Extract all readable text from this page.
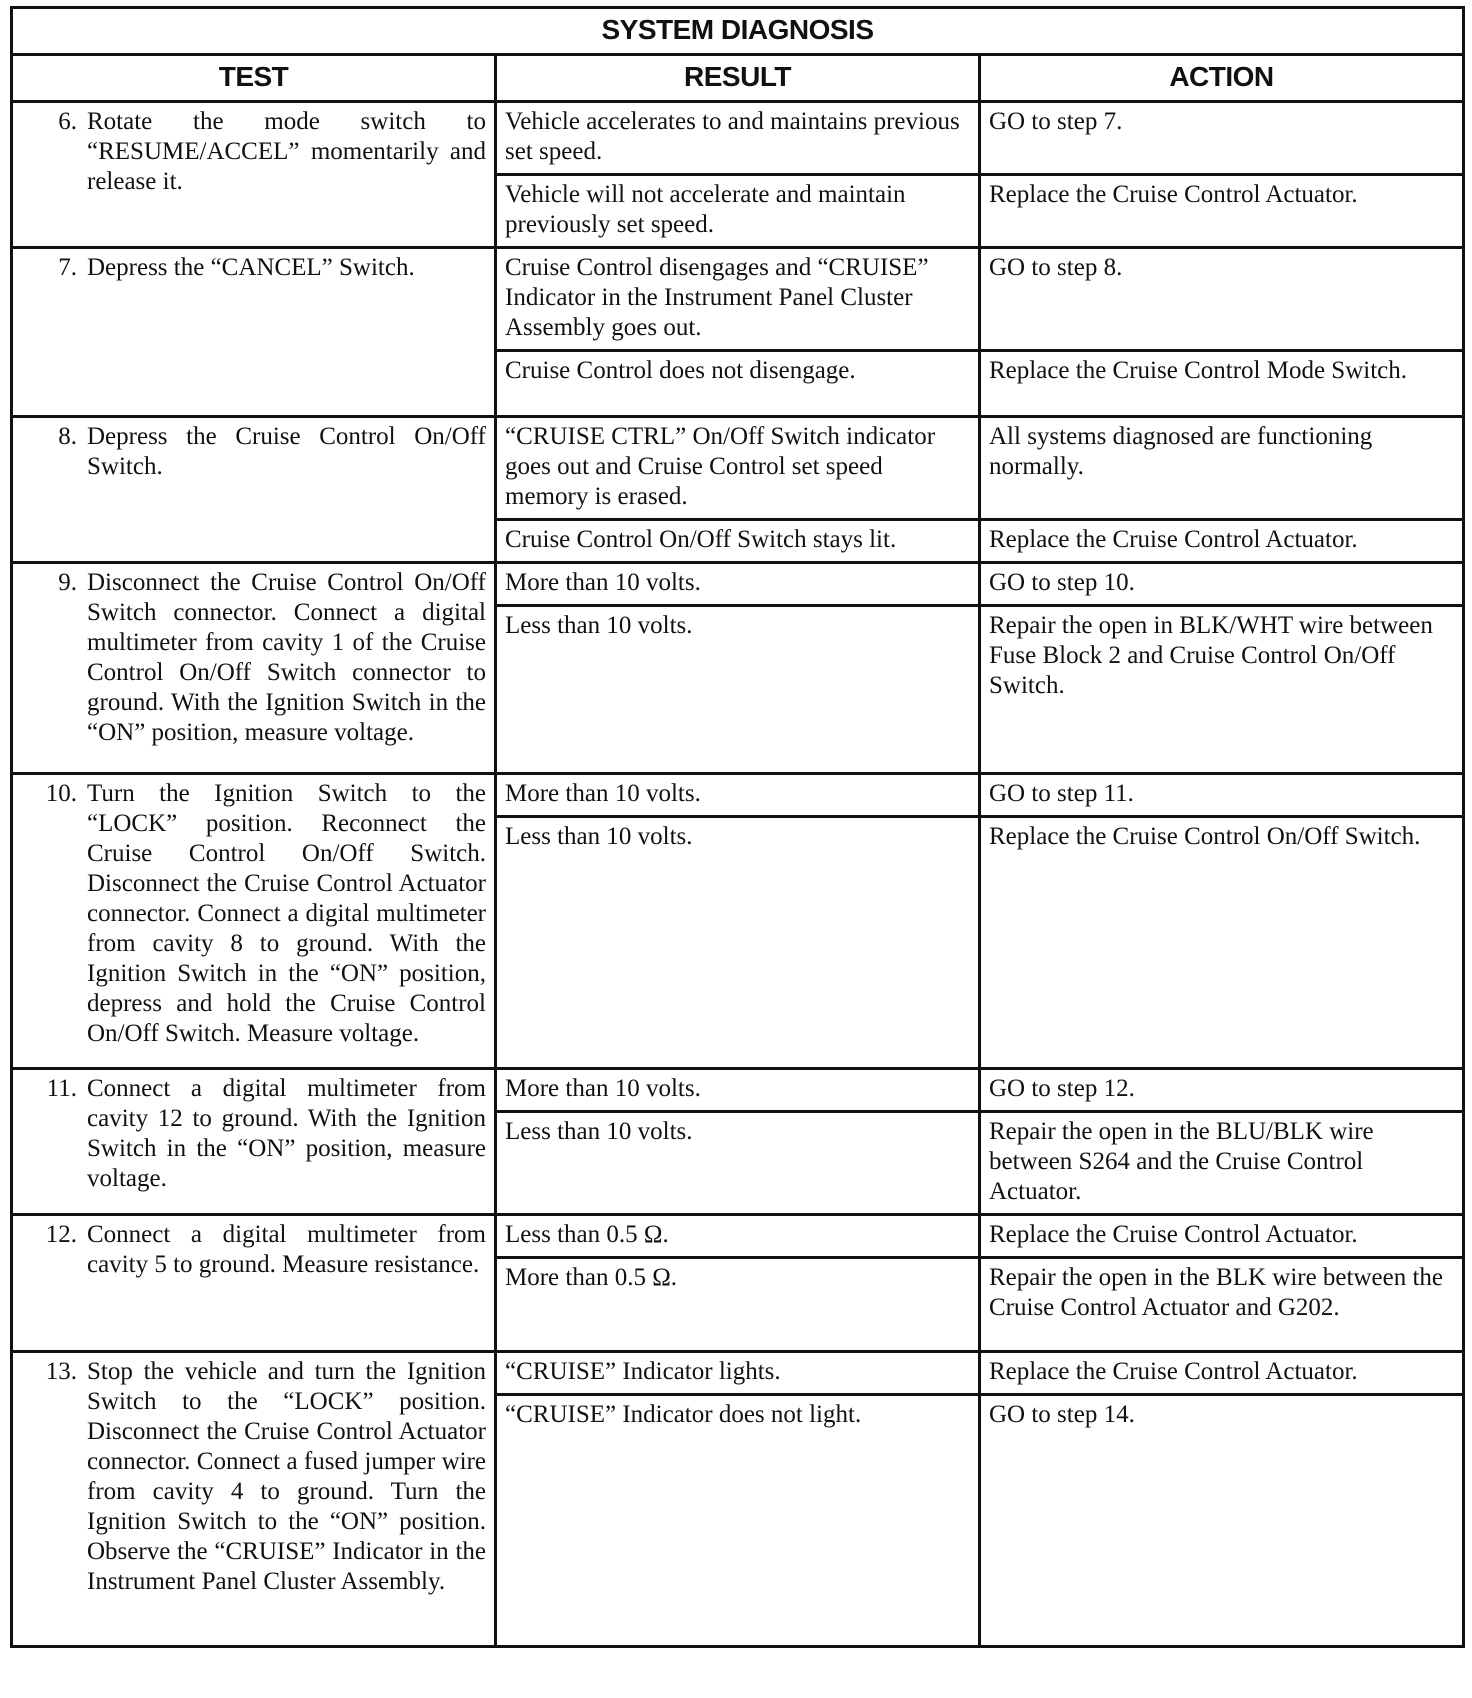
SYSTEM DIAGNOSIS		
TEST	RESULT	ACTION

6. Rotate the mode switch to “RESUME/ACCEL” momentarily and release it.	Vehicle accelerates to and maintains previous set speed.	GO to step 7.
	Vehicle will not accelerate and maintain previously set speed.	Replace the Cruise Control Actuator.

7. Depress the “CANCEL” Switch.	Cruise Control disengages and “CRUISE” Indicator in the Instrument Panel Cluster Assembly goes out.	GO to step 8.
	Cruise Control does not disengage.	Replace the Cruise Control Mode Switch.

8. Depress the Cruise Control On/Off Switch.	“CRUISE CTRL” On/Off Switch indicator goes out and Cruise Control set speed memory is erased.	All systems diagnosed are functioning normally.
	Cruise Control On/Off Switch stays lit.	Replace the Cruise Control Actuator.

9. Disconnect the Cruise Control On/Off Switch connector. Connect a digital multimeter from cavity 1 of the Cruise Control On/Off Switch connector to ground. With the Ignition Switch in the “ON” position, measure voltage.	More than 10 volts.	GO to step 10.
	Less than 10 volts.	Repair the open in BLK/WHT wire between Fuse Block 2 and Cruise Control On/Off Switch.

10. Turn the Ignition Switch to the “LOCK” position. Reconnect the Cruise Control On/Off Switch. Disconnect the Cruise Control Actuator connector. Connect a digital multimeter from cavity 8 to ground. With the Ignition Switch in the “ON” position, depress and hold the Cruise Control On/Off Switch. Measure voltage.	More than 10 volts.	GO to step 11.
	Less than 10 volts.	Replace the Cruise Control On/Off Switch.

11. Connect a digital multimeter from cavity 12 to ground. With the Ignition Switch in the “ON” position, measure voltage.	More than 10 volts.	GO to step 12.
	Less than 10 volts.	Repair the open in the BLU/BLK wire between S264 and the Cruise Control Actuator.

12. Connect a digital multimeter from cavity 5 to ground. Measure resistance.	Less than 0.5 Ω.	Replace the Cruise Control Actuator.
	More than 0.5 Ω.	Repair the open in the BLK wire between the Cruise Control Actuator and G202.

13. Stop the vehicle and turn the Ignition Switch to the “LOCK” position. Disconnect the Cruise Control Actuator connector. Connect a fused jumper wire from cavity 4 to ground. Turn the Ignition Switch to the “ON” position. Observe the “CRUISE” Indicator in the Instrument Panel Cluster Assembly.	“CRUISE” Indicator lights.	Replace the Cruise Control Actuator.
	“CRUISE” Indicator does not light.	GO to step 14.
